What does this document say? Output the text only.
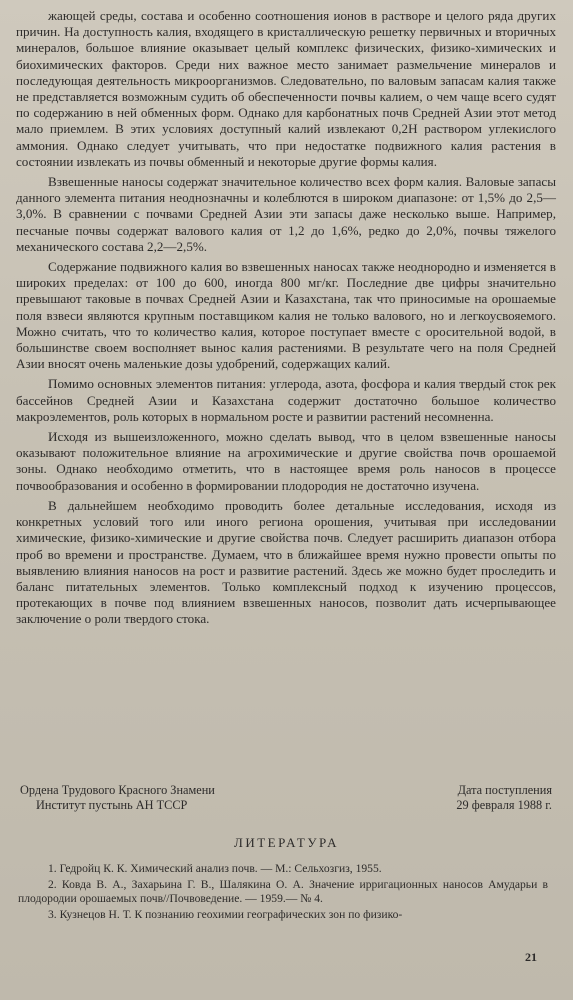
жающей среды, состава и особенно соотношения ионов в растворе и целого ряда других причин. На доступность калия, входящего в кристаллическую решетку первичных и вторичных минералов, большое влияние оказывает целый комплекс физических, физико-химических и биохимических факторов. Среди них важное место занимает размельчение минералов и последующая деятельность микроорганизмов. Следовательно, по валовым запасам калия также не представляется возможным судить об обеспеченности почвы калием, о чем чаще всего судят по содержанию в ней обменных форм. Однако для карбонатных почв Средней Азии этот метод мало приемлем. В этих условиях доступный калий извлекают 0,2Н раствором углекислого аммония. Однако следует учитывать, что при недостатке подвижного калия растения в состоянии извлекать из почвы обменный и некоторые другие формы калия.

Взвешенные наносы содержат значительное количество всех форм калия. Валовые запасы данного элемента питания неоднозначны и колеблются в широком диапазоне: от 1,5% до 2,5—3,0%. В сравнении с почвами Средней Азии эти запасы даже несколько выше. Например, песчаные почвы содержат валового калия от 1,2 до 1,6%, редко до 2,0%, почвы тяжелого механического состава 2,2—2,5%.

Содержание подвижного калия во взвешенных наносах также неоднородно и изменяется в широких пределах: от 100 до 600, иногда 800 мг/кг. Последние две цифры значительно превышают таковые в почвах Средней Азии и Казахстана, так что приносимые на орошаемые поля взвеси являются крупным поставщиком калия не только валового, но и легкоусвояемого. Можно считать, что то количество калия, которое поступает вместе с оросительной водой, в большинстве своем восполняет вынос калия растениями. В результате чего на поля Средней Азии вносят очень маленькие дозы удобрений, содержащих калий.

Помимо основных элементов питания: углерода, азота, фосфора и калия твердый сток рек бассейнов Средней Азии и Казахстана содержит достаточно большое количество макроэлементов, роль которых в нормальном росте и развитии растений несомненна.

Исходя из вышеизложенного, можно сделать вывод, что в целом взвешенные наносы оказывают положительное влияние на агрохимические и другие свойства почв орошаемой зоны. Однако необходимо отметить, что в настоящее время роль наносов в процессе почвообразования и особенно в формировании плодородия не достаточно изучена.

В дальнейшем необходимо проводить более детальные исследования, исходя из конкретных условий того или иного региона орошения, учитывая при исследовании химические, физико-химические и другие свойства почв. Следует расширить диапазон отбора проб во времени и пространстве. Думаем, что в ближайшее время нужно провести опыты по выявлению влияния наносов на рост и развитие растений. Здесь же можно будет проследить и баланс питательных элементов. Только комплексный подход к изучению процессов, протекающих в почве под влиянием взвешенных наносов, позволит дать исчерпывающее заключение о роли твердого стока.

Ордена Трудового Красного Знамени
Институт пустынь АН ТССР
Дата поступления
29 февраля 1988 г.
ЛИТЕРАТУРА
1. Гедройц К. К. Химический анализ почв. — М.: Сельхозгиз, 1955.
2. Ковда В. А., Захарьина Г. В., Шалякина О. А. Значение ирригационных наносов Амударьи в плодородии орошаемых почв//Почвоведение. — 1959.— № 4.
3. Кузнецов Н. Т. К познанию геохимии географических зон по физико-
21
